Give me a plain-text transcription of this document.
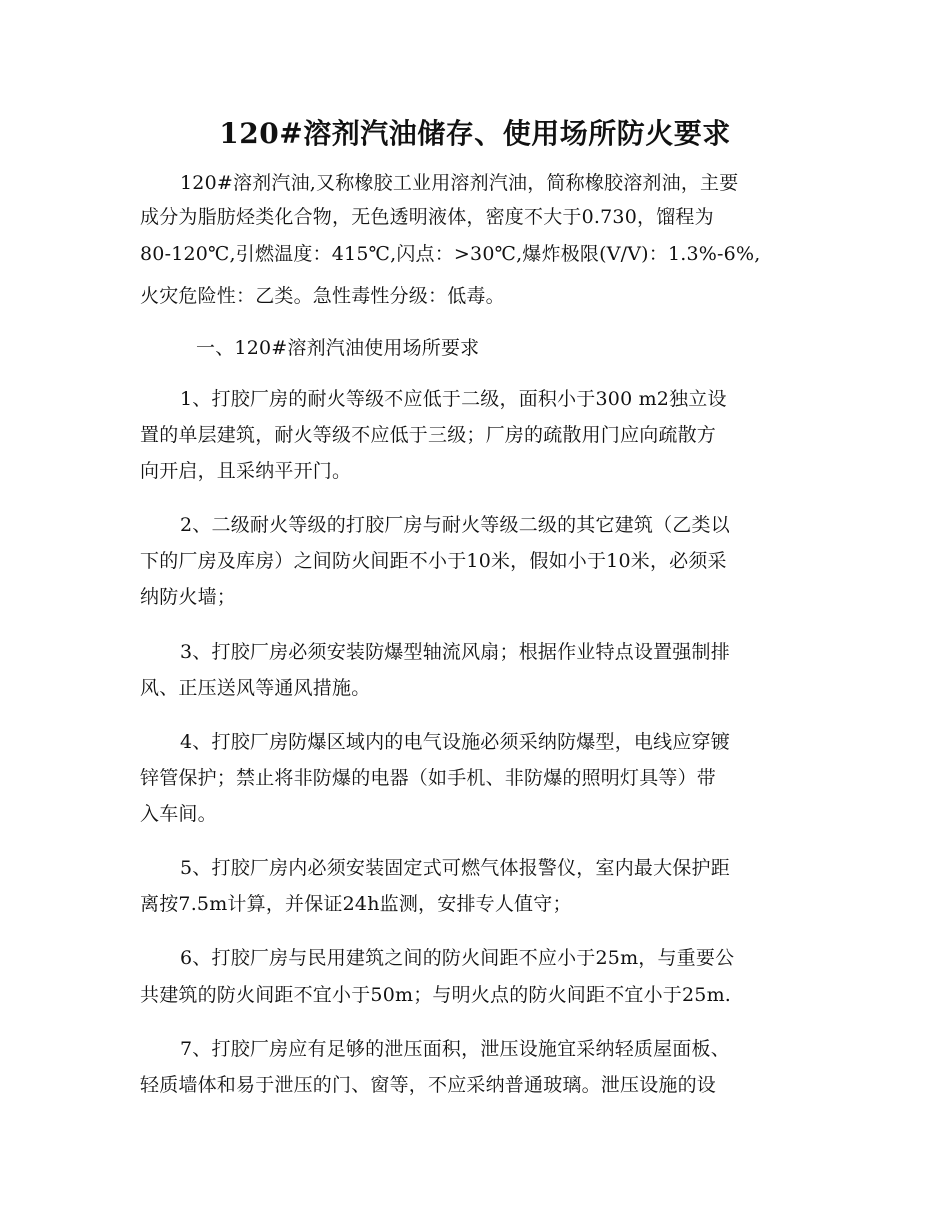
120#溶剂汽油储存、使用场所防火要求
120#溶剂汽油,又称橡胶工业用溶剂汽油，简称橡胶溶剂油，主要
成分为脂肪烃类化合物，无色透明液体，密度不大于0.730，馏程为
80-120℃,引燃温度：415℃,闪点：>30℃,爆炸极限(V/V)：1.3%-6%,
火灾危险性：乙类。急性毒性分级：低毒。
一、120#溶剂汽油使用场所要求
1、打胶厂房的耐火等级不应低于二级，面积小于300 m2独立设
置的单层建筑，耐火等级不应低于三级；厂房的疏散用门应向疏散方
向开启，且采纳平开门。
2、二级耐火等级的打胶厂房与耐火等级二级的其它建筑（乙类以
下的厂房及库房）之间防火间距不小于10米，假如小于10米，必须采
纳防火墙；
3、打胶厂房必须安装防爆型轴流风扇；根据作业特点设置强制排
风、正压送风等通风措施。
4、打胶厂房防爆区域内的电气设施必须采纳防爆型，电线应穿镀
锌管保护；禁止将非防爆的电器（如手机、非防爆的照明灯具等）带
入车间。
5、打胶厂房内必须安装固定式可燃气体报警仪，室内最大保护距
离按7.5m计算，并保证24h监测，安排专人值守；
6、打胶厂房与民用建筑之间的防火间距不应小于25m，与重要公
共建筑的防火间距不宜小于50m；与明火点的防火间距不宜小于25m.
7、打胶厂房应有足够的泄压面积，泄压设施宜采纳轻质屋面板、
轻质墙体和易于泄压的门、窗等，不应采纳普通玻璃。泄压设施的设
